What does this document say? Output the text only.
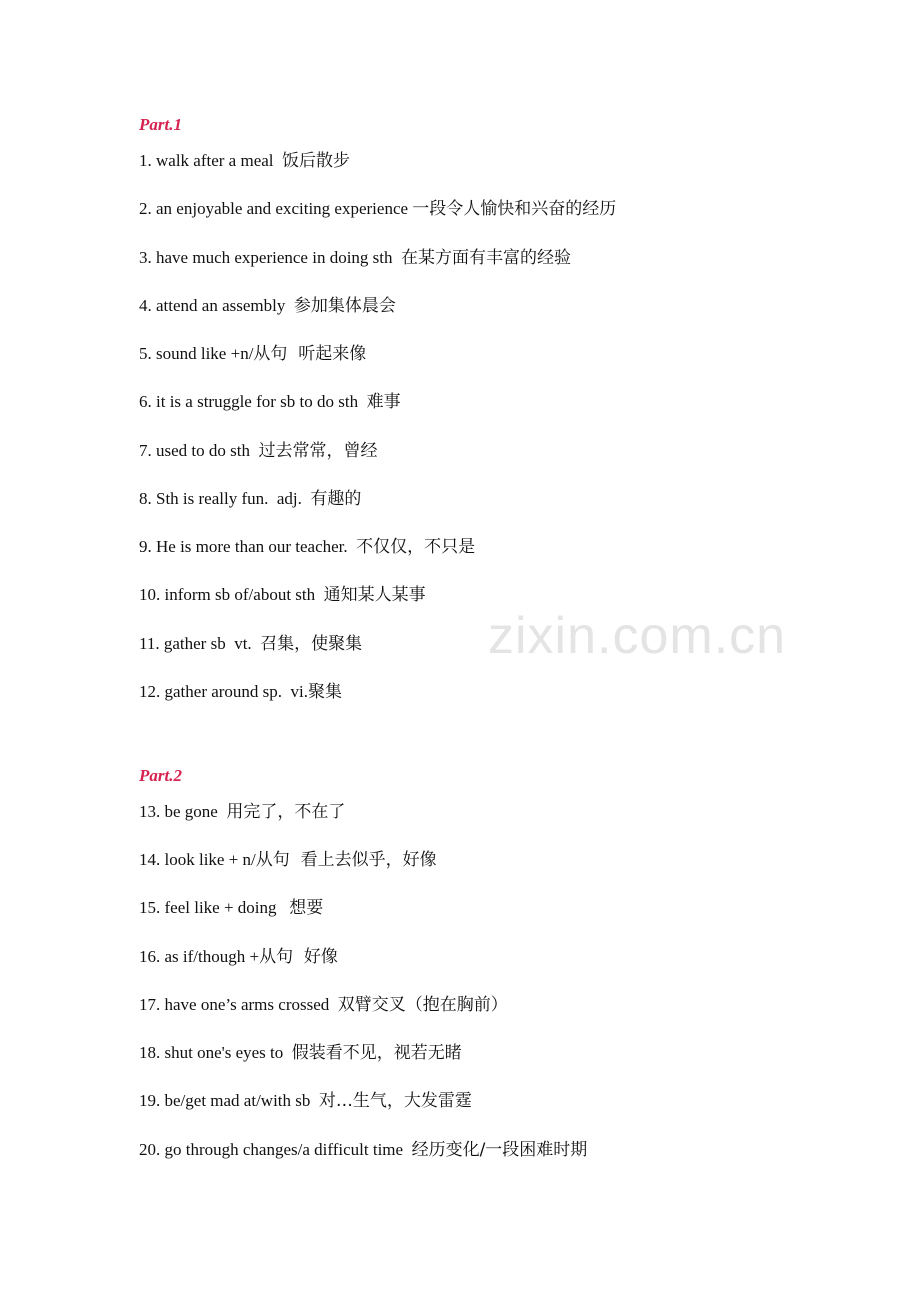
Part.1
1. walk after a meal  饭后散步
2. an enjoyable and exciting experience 一段令人愉快和兴奋的经历
3. have much experience in doing sth  在某方面有丰富的经验
4. attend an assembly  参加集体晨会
5. sound like +n/从句  听起来像
6. it is a struggle for sb to do sth  难事
7. used to do sth  过去常常，曾经
8. Sth is really fun.  adj.  有趣的
9. He is more than our teacher.  不仅仅，不只是
10. inform sb of/about sth  通知某人某事
11. gather sb  vt.  召集，使聚集
12. gather around sp.  vi.聚集
Part.2
13. be gone  用完了，不在了
14. look like + n/从句  看上去似乎，好像
15. feel like + doing   想要
16. as if/though +从句  好像
17. have one’s arms crossed  双臂交叉（抱在胸前）
18. shut one's eyes to  假装看不见，视若无睹
19. be/get mad at/with sb  对…生气，大发雷霆
20. go through changes/a difficult time  经历变化/一段困难时期
zixin.com.cn
